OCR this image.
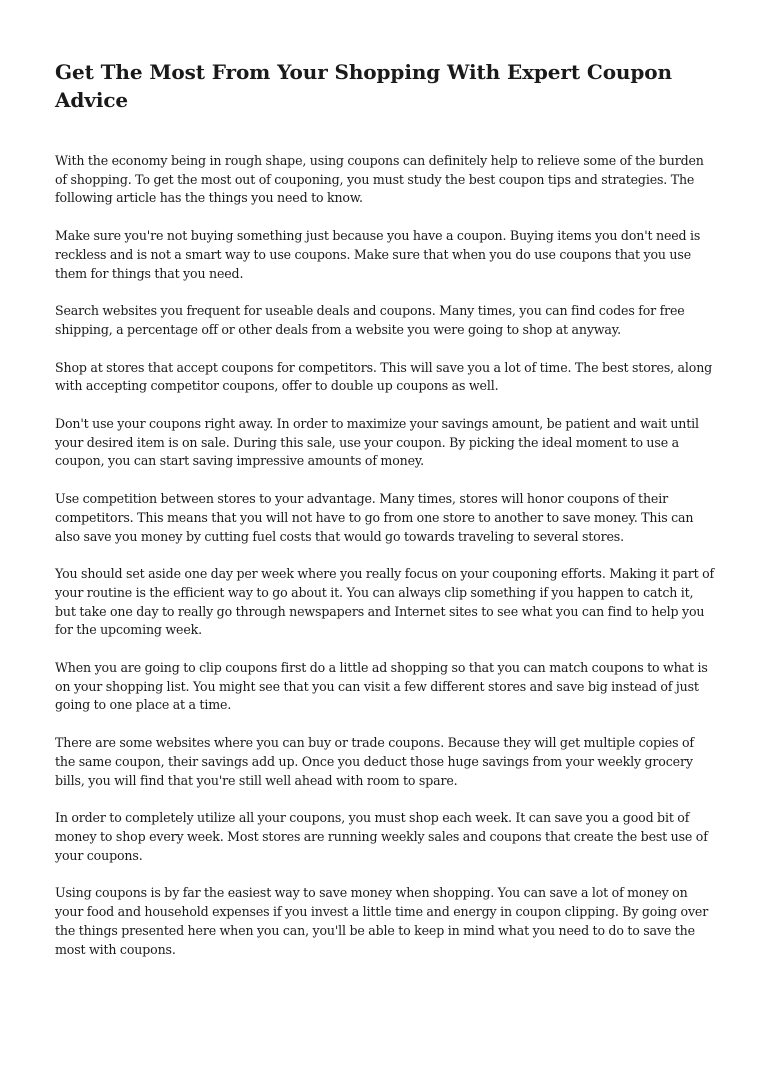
Get The Most From Your Shopping With Expert Coupon Advice

With the economy being in rough shape, using coupons can definitely help to relieve some of the burden of shopping. To get the most out of couponing, you must study the best coupon tips and strategies. The following article has the things you need to know.

Make sure you're not buying something just because you have a coupon. Buying items you don't need is reckless and is not a smart way to use coupons. Make sure that when you do use coupons that you use them for things that you need.

Search websites you frequent for useable deals and coupons. Many times, you can find codes for free shipping, a percentage off or other deals from a website you were going to shop at anyway.

Shop at stores that accept coupons for competitors. This will save you a lot of time. The best stores, along with accepting competitor coupons, offer to double up coupons as well.

Don't use your coupons right away. In order to maximize your savings amount, be patient and wait until your desired item is on sale. During this sale, use your coupon. By picking the ideal moment to use a coupon, you can start saving impressive amounts of money.

Use competition between stores to your advantage. Many times, stores will honor coupons of their competitors. This means that you will not have to go from one store to another to save money. This can also save you money by cutting fuel costs that would go towards traveling to several stores.

You should set aside one day per week where you really focus on your couponing efforts. Making it part of your routine is the efficient way to go about it. You can always clip something if you happen to catch it, but take one day to really go through newspapers and Internet sites to see what you can find to help you for the upcoming week.

When you are going to clip coupons first do a little ad shopping so that you can match coupons to what is on your shopping list. You might see that you can visit a few different stores and save big instead of just going to one place at a time.

There are some websites where you can buy or trade coupons. Because they will get multiple copies of the same coupon, their savings add up. Once you deduct those huge savings from your weekly grocery bills, you will find that you're still well ahead with room to spare.

In order to completely utilize all your coupons, you must shop each week. It can save you a good bit of money to shop every week. Most stores are running weekly sales and coupons that create the best use of your coupons.

Using coupons is by far the easiest way to save money when shopping. You can save a lot of money on your food and household expenses if you invest a little time and energy in coupon clipping. By going over the things presented here when you can, you'll be able to keep in mind what you need to do to save the most with coupons.
